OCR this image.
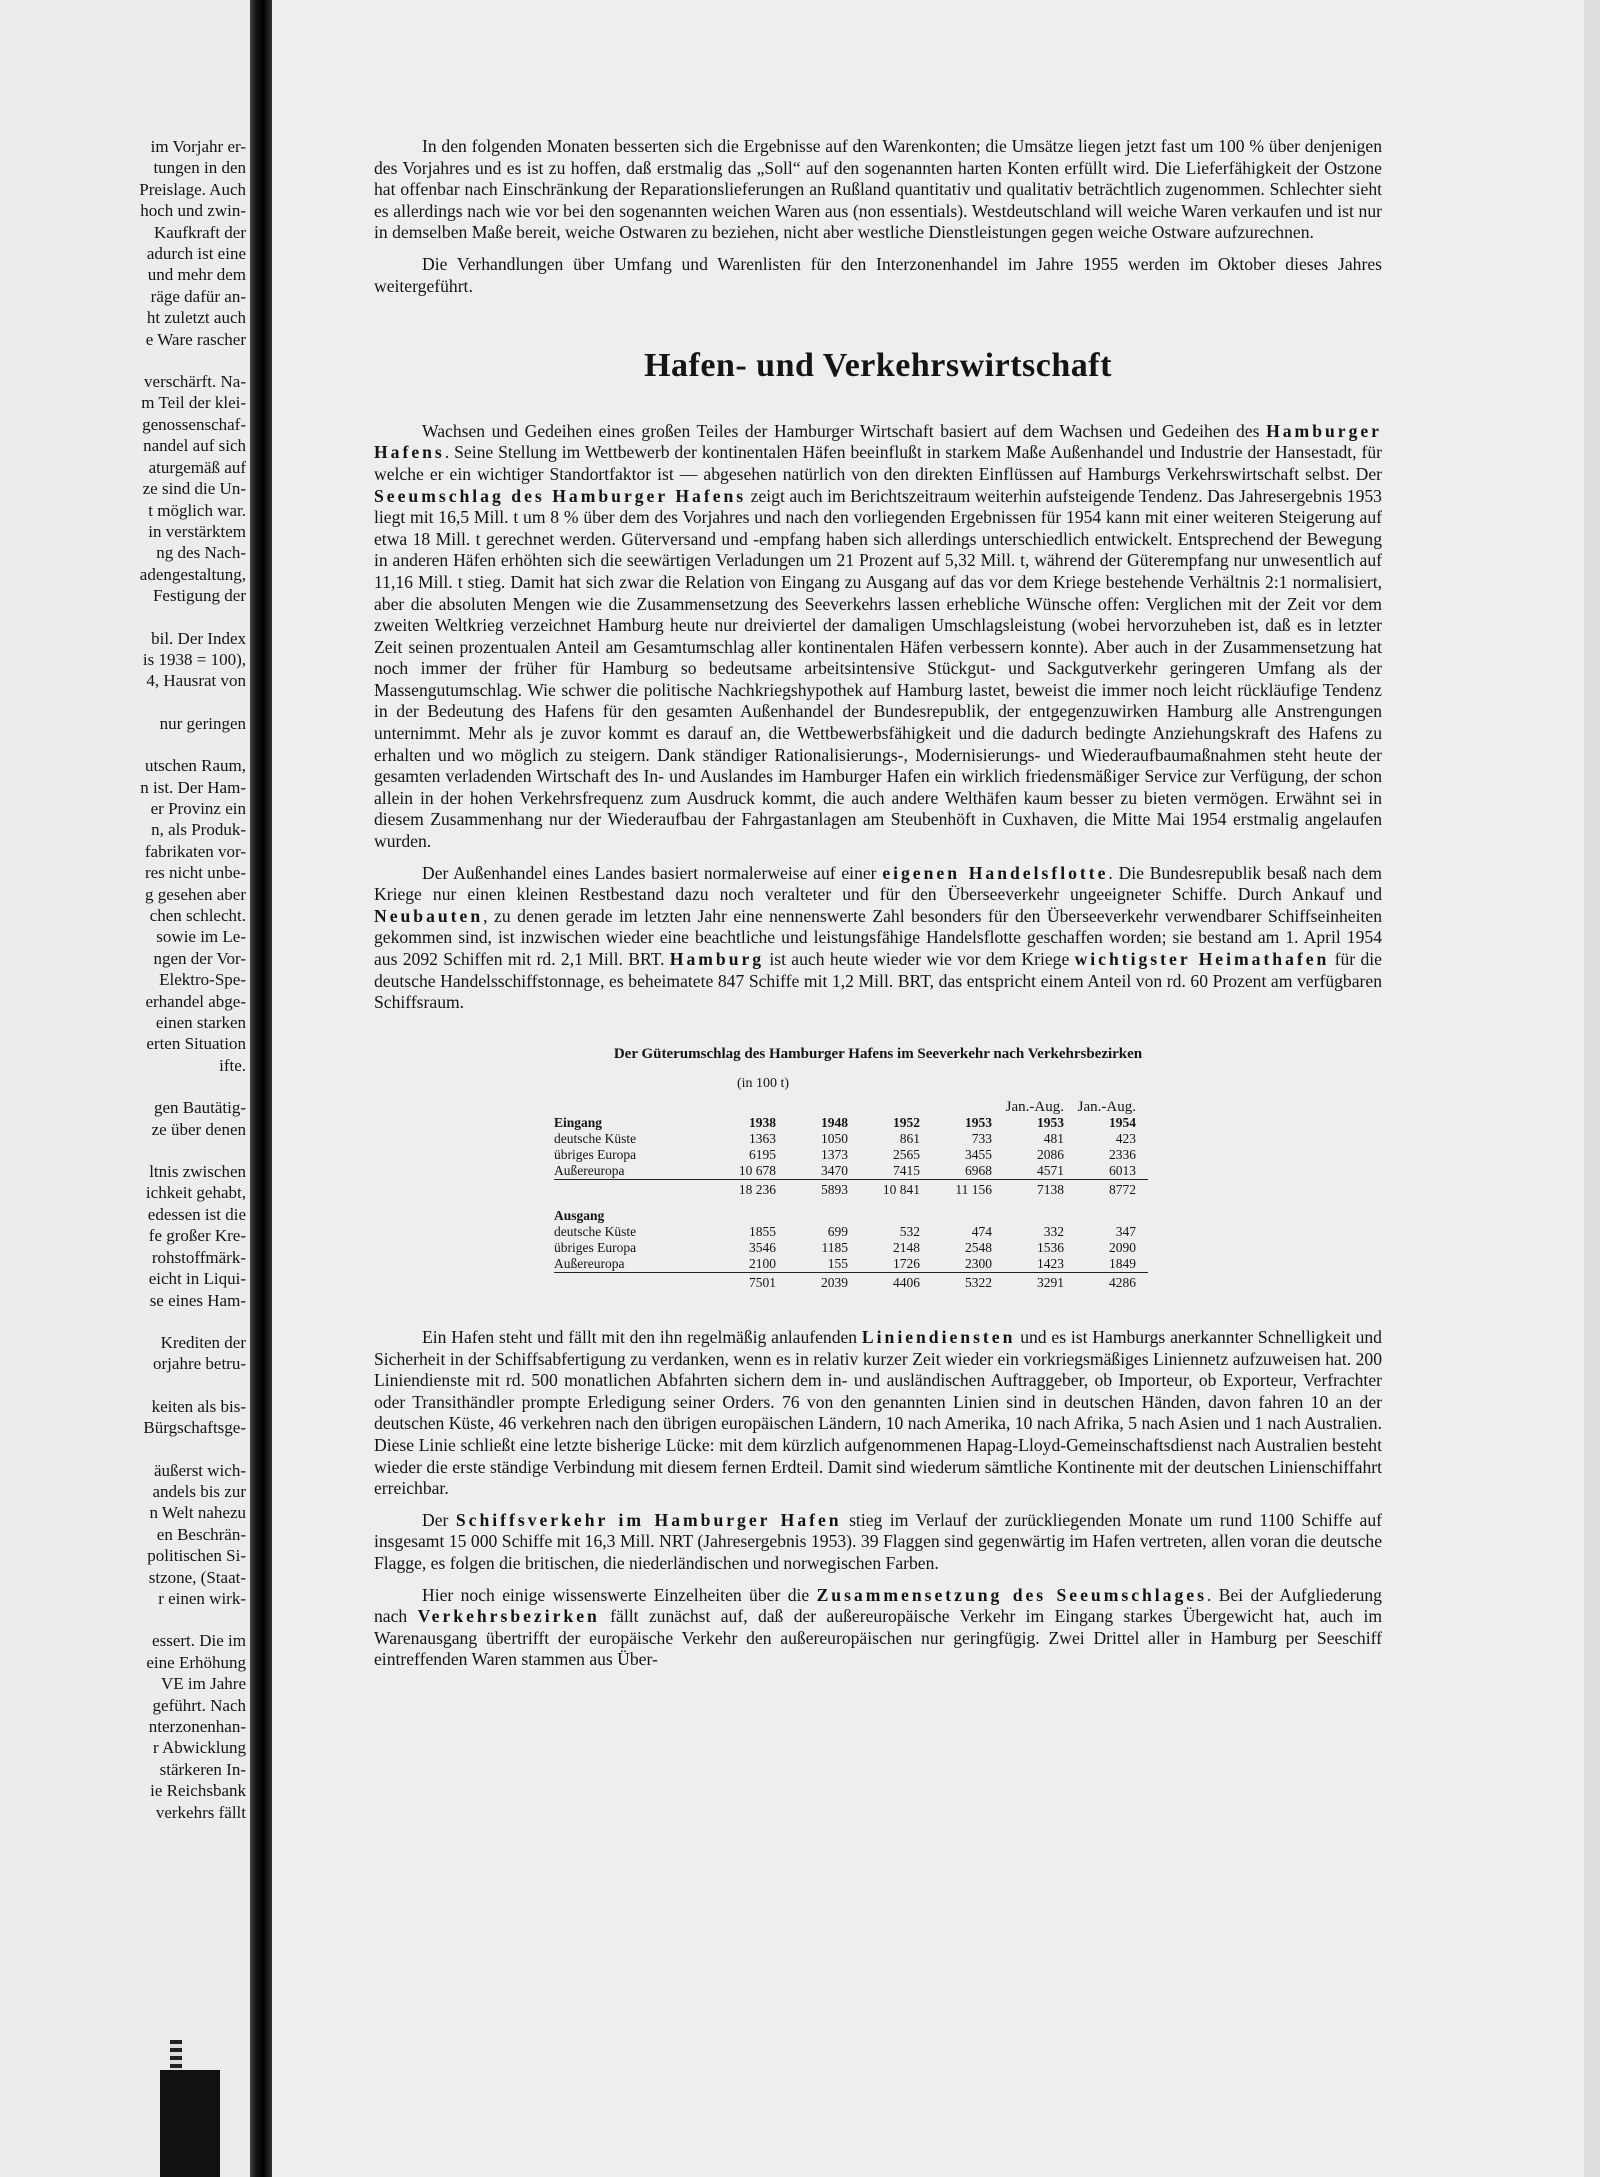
im Vorjahr er-
tungen in den
Preislage. Auch
hoch und zwin-
Kaufkraft der
adurch ist eine
und mehr dem
räge dafür an-
ht zuletzt auch
e Ware rascher
verschärft. Na-
m Teil der klei-
genossenschaf-
nandel auf sich
aturgemäß auf
ze sind die Un-
t möglich war.
in verstärktem
ng des Nach-
adengestaltung,
Festigung der
bil. Der Index
is 1938 = 100),
4, Hausrat von
nur geringen
utschen Raum,
n ist. Der Ham-
er Provinz ein
n, als Produk-
fabrikaten vor-
res nicht unbe-
g gesehen aber
chen schlecht.
sowie im Le-
ngen der Vor-
Elektro-Spe-
erhandel abge-
einen starken
erten Situation
ifte.
gen Bautätig-
ze über denen
ltnis zwischen
ichkeit gehabt,
edessen ist die
fe großer Kre-
rohstoffmärk-
eicht in Liqui-
se eines Ham-
Krediten der
orjahre betru-
keiten als bis-
Bürgschaftsge-
äußerst wich-
andels bis zur
n Welt nahezu
en Beschrän-
politischen Si-
stzone, (Staat-
r einen wirk-
essert. Die im
eine Erhöhung
VE im Jahre
geführt. Nach
nterzonenhan-
r Abwicklung
stärkeren In-
ie Reichsbank
verkehrs fällt

In den folgenden Monaten besserten sich die Ergebnisse auf den Warenkonten; die Umsätze liegen jetzt fast um 100 % über denjenigen des Vorjahres und es ist zu hoffen, daß erstmalig das „Soll“ auf den sogenannten harten Konten erfüllt wird. Die Lieferfähigkeit der Ostzone hat offenbar nach Einschränkung der Reparationslieferungen an Rußland quantitativ und qualitativ beträchtlich zugenommen. Schlechter sieht es allerdings nach wie vor bei den sogenannten weichen Waren aus (non essentials). Westdeutschland will weiche Waren verkaufen und ist nur in demselben Maße bereit, weiche Ostwaren zu beziehen, nicht aber westliche Dienstleistungen gegen weiche Ostware aufzurechnen.

Die Verhandlungen über Umfang und Warenlisten für den Interzonenhandel im Jahre 1955 werden im Oktober dieses Jahres weitergeführt.

Hafen- und Verkehrswirtschaft

Wachsen und Gedeihen eines großen Teiles der Hamburger Wirtschaft basiert auf dem Wachsen und Gedeihen des Hamburger Hafens. Seine Stellung im Wettbewerb der kontinentalen Häfen beeinflußt in starkem Maße Außenhandel und Industrie der Hansestadt, für welche er ein wichtiger Standortfaktor ist — abgesehen natürlich von den direkten Einflüssen auf Hamburgs Verkehrswirtschaft selbst. Der Seeumschlag des Hamburger Hafens zeigt auch im Berichtszeitraum weiterhin aufsteigende Tendenz. Das Jahresergebnis 1953 liegt mit 16,5 Mill. t um 8 % über dem des Vorjahres und nach den vorliegenden Ergebnissen für 1954 kann mit einer weiteren Steigerung auf etwa 18 Mill. t gerechnet werden. Güterversand und -empfang haben sich allerdings unterschiedlich entwickelt. Entsprechend der Bewegung in anderen Häfen erhöhten sich die seewärtigen Verladungen um 21 Prozent auf 5,32 Mill. t, während der Güterempfang nur unwesentlich auf 11,16 Mill. t stieg. Damit hat sich zwar die Relation von Eingang zu Ausgang auf das vor dem Kriege bestehende Verhältnis 2:1 normalisiert, aber die absoluten Mengen wie die Zusammensetzung des Seeverkehrs lassen erhebliche Wünsche offen: Verglichen mit der Zeit vor dem zweiten Weltkrieg verzeichnet Hamburg heute nur dreiviertel der damaligen Umschlagsleistung (wobei hervorzuheben ist, daß es in letzter Zeit seinen prozentualen Anteil am Gesamtumschlag aller kontinentalen Häfen verbessern konnte). Aber auch in der Zusammensetzung hat noch immer der früher für Hamburg so bedeutsame arbeitsintensive Stückgut- und Sackgutverkehr geringeren Umfang als der Massengutumschlag. Wie schwer die politische Nachkriegshypothek auf Hamburg lastet, beweist die immer noch leicht rückläufige Tendenz in der Bedeutung des Hafens für den gesamten Außenhandel der Bundesrepublik, der entgegenzuwirken Hamburg alle Anstrengungen unternimmt. Mehr als je zuvor kommt es darauf an, die Wettbewerbsfähigkeit und die dadurch bedingte Anziehungskraft des Hafens zu erhalten und wo möglich zu steigern. Dank ständiger Rationalisierungs-, Modernisierungs- und Wiederaufbaumaßnahmen steht heute der gesamten verladenden Wirtschaft des In- und Auslandes im Hamburger Hafen ein wirklich friedensmäßiger Service zur Verfügung, der schon allein in der hohen Verkehrsfrequenz zum Ausdruck kommt, die auch andere Welthäfen kaum besser zu bieten vermögen. Erwähnt sei in diesem Zusammenhang nur der Wiederaufbau der Fahrgastanlagen am Steubenhöft in Cuxhaven, die Mitte Mai 1954 erstmalig angelaufen wurden.

Der Außenhandel eines Landes basiert normalerweise auf einer eigenen Handelsflotte. Die Bundesrepublik besaß nach dem Kriege nur einen kleinen Restbestand dazu noch veralteter und für den Überseeverkehr ungeeigneter Schiffe. Durch Ankauf und Neubauten, zu denen gerade im letzten Jahr eine nennenswerte Zahl besonders für den Überseeverkehr verwendbarer Schiffseinheiten gekommen sind, ist inzwischen wieder eine beachtliche und leistungsfähige Handelsflotte geschaffen worden; sie bestand am 1. April 1954 aus 2092 Schiffen mit rd. 2,1 Mill. BRT. Hamburg ist auch heute wieder wie vor dem Kriege wichtigster Heimathafen für die deutsche Handelsschiffstonnage, es beheimatete 847 Schiffe mit 1,2 Mill. BRT, das entspricht einem Anteil von rd. 60 Prozent am verfügbaren Schiffsraum.

Der Güterumschlag des Hamburger Hafens im Seeverkehr nach Verkehrsbezirken
(in 100 t)
					Jan.-Aug.	Jan.-Aug.
Eingang	1938	1948	1952	1953	1953	1954
deutsche Küste	1363	1050	861	733	481	423
übriges Europa	6195	1373	2565	3455	2086	2336
Außereuropa	10 678	3470	7415	6968	4571	6013
	18 236	5893	10 841	11 156	7138	8772
Ausgang						
deutsche Küste	1855	699	532	474	332	347
übriges Europa	3546	1185	2148	2548	1536	2090
Außereuropa	2100	155	1726	2300	1423	1849
	7501	2039	4406	5322	3291	4286

Ein Hafen steht und fällt mit den ihn regelmäßig anlaufenden Liniendiensten und es ist Hamburgs anerkannter Schnelligkeit und Sicherheit in der Schiffsabfertigung zu verdanken, wenn es in relativ kurzer Zeit wieder ein vorkriegsmäßiges Liniennetz aufzuweisen hat. 200 Liniendienste mit rd. 500 monatlichen Abfahrten sichern dem in- und ausländischen Auftraggeber, ob Importeur, ob Exporteur, Verfrachter oder Transithändler prompte Erledigung seiner Orders. 76 von den genannten Linien sind in deutschen Händen, davon fahren 10 an der deutschen Küste, 46 verkehren nach den übrigen europäischen Ländern, 10 nach Amerika, 10 nach Afrika, 5 nach Asien und 1 nach Australien. Diese Linie schließt eine letzte bisherige Lücke: mit dem kürzlich aufgenommenen Hapag-Lloyd-Gemeinschaftsdienst nach Australien besteht wieder die erste ständige Verbindung mit diesem fernen Erdteil. Damit sind wiederum sämtliche Kontinente mit der deutschen Linienschiffahrt erreichbar.

Der Schiffsverkehr im Hamburger Hafen stieg im Verlauf der zurückliegenden Monate um rund 1100 Schiffe auf insgesamt 15 000 Schiffe mit 16,3 Mill. NRT (Jahresergebnis 1953). 39 Flaggen sind gegenwärtig im Hafen vertreten, allen voran die deutsche Flagge, es folgen die britischen, die niederländischen und norwegischen Farben.

Hier noch einige wissenswerte Einzelheiten über die Zusammensetzung des Seeumschlages. Bei der Aufgliederung nach Verkehrsbezirken fällt zunächst auf, daß der außereuropäische Verkehr im Eingang starkes Übergewicht hat, auch im Warenausgang übertrifft der europäische Verkehr den außereuropäischen nur geringfügig. Zwei Drittel aller in Hamburg per Seeschiff eintreffenden Waren stammen aus Über-
